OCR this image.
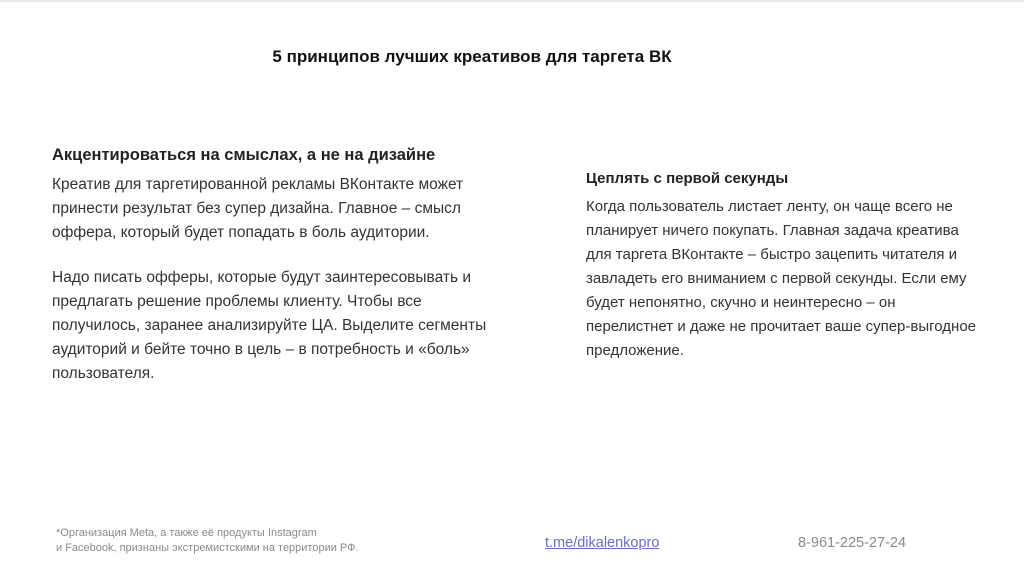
5 принципов лучших креативов для таргета ВК
Акцентироваться на смыслах, а не на дизайне

Креатив для таргетированной рекламы ВКонтакте может принести результат без супер дизайна. Главное – смысл оффера, который будет попадать в боль аудитории.

Надо писать офферы, которые будут заинтересовывать и предлагать решение проблемы клиенту. Чтобы все получилось, заранее анализируйте ЦА. Выделите сегменты аудиторий и бейте точно в цель – в потребность и «боль» пользователя.

Цеплять с первой секунды

Когда пользователь листает ленту, он чаще всего не планирует ничего покупать. Главная задача креатива для таргета ВКонтакте – быстро зацепить читателя и завладеть его вниманием с первой секунды. Если ему будет непонятно, скучно и неинтересно – он перелистнет и даже не прочитает ваше супер-выгодное предложение.

*Организация Meta, а также её продукты Instagram
и Facebook, признаны экстремистскими на территории РФ.	t.me/dikalenkopro	8-961-225-27-24
